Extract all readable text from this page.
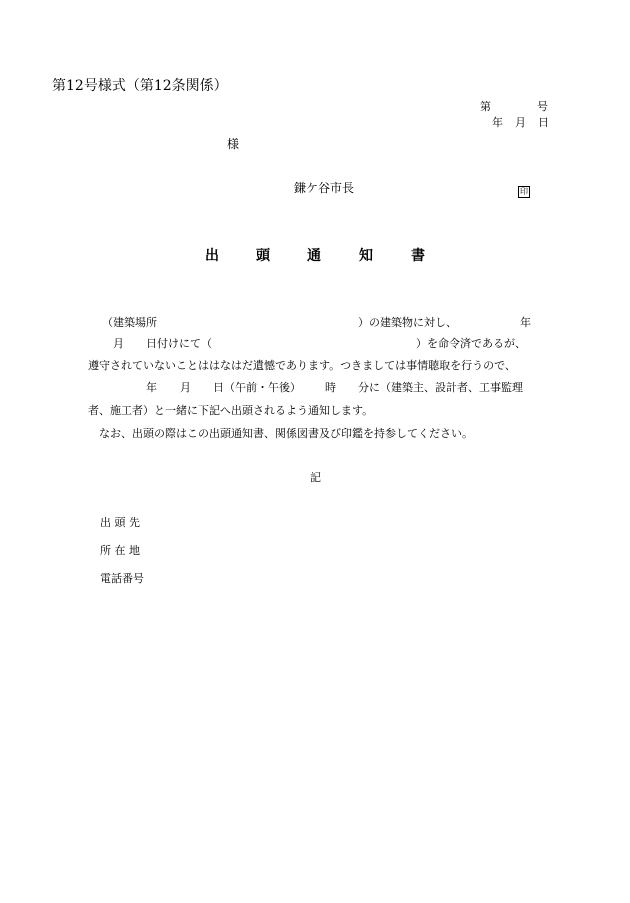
第12号様式（第12条関係）
第	号
年 月 日
様
鎌ケ谷市長	印
出	頭	通	知	書
（建築場所	）の建築物に対し、	年
月 日付けにて（	）を命令済であるが、
遵守されていないことははなはだ遺憾であります。つきましては事情聴取を行うので、
年 月 日（午前・午後） 時 分に（建築主、設計者、工事監理
者、施工者）と一緒に下記へ出頭されるよう通知します。
なお、出頭の際はこの出頭通知書、関係図書及び印鑑を持参してください。
記
出 頭 先
所 在 地
電話番号
